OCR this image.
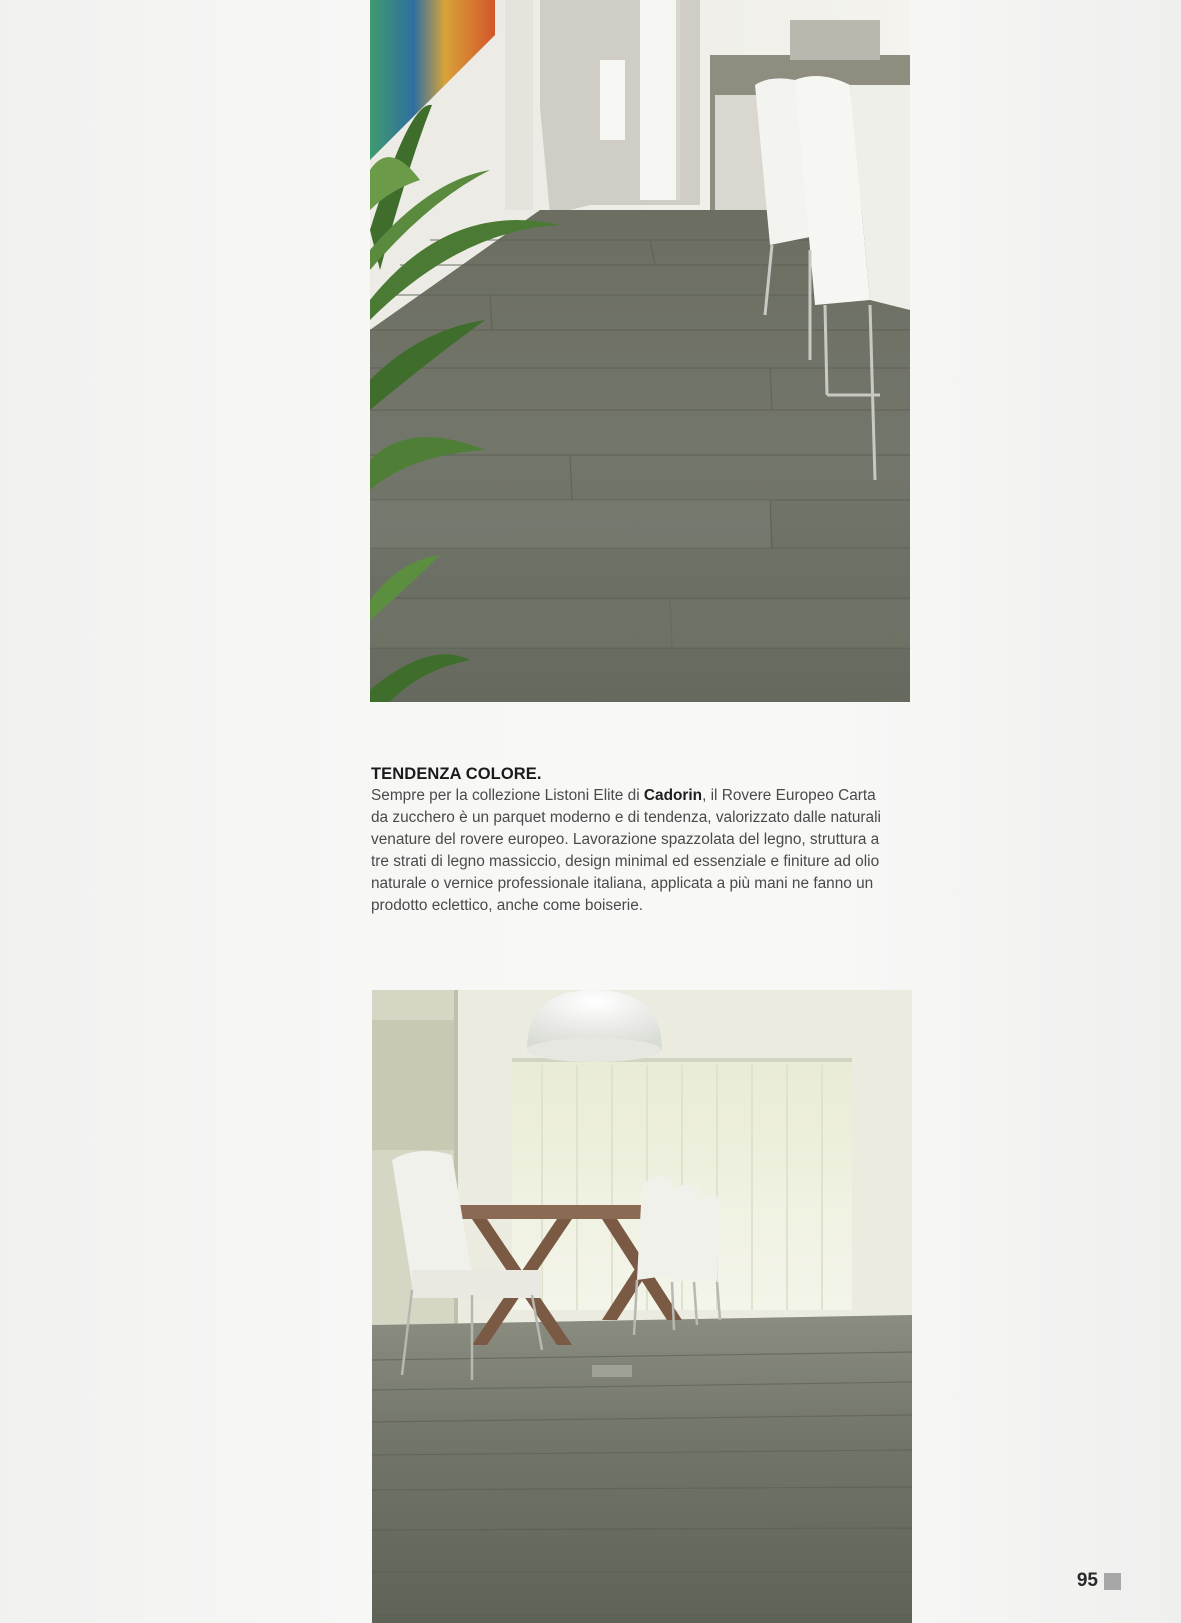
TENDENZA COLORE.

Sempre per la collezione Listoni Elite di Cadorin, il Rovere Europeo Carta
da zucchero è un parquet moderno e di tendenza, valorizzato dalle naturali
venature del rovere europeo. Lavorazione spazzolata del legno, struttura a
tre strati di legno massiccio, design minimal ed essenziale e finiture ad olio
naturale o vernice professionale italiana, applicata a più mani ne fanno un
prodotto eclettico, anche come boiserie.

95
